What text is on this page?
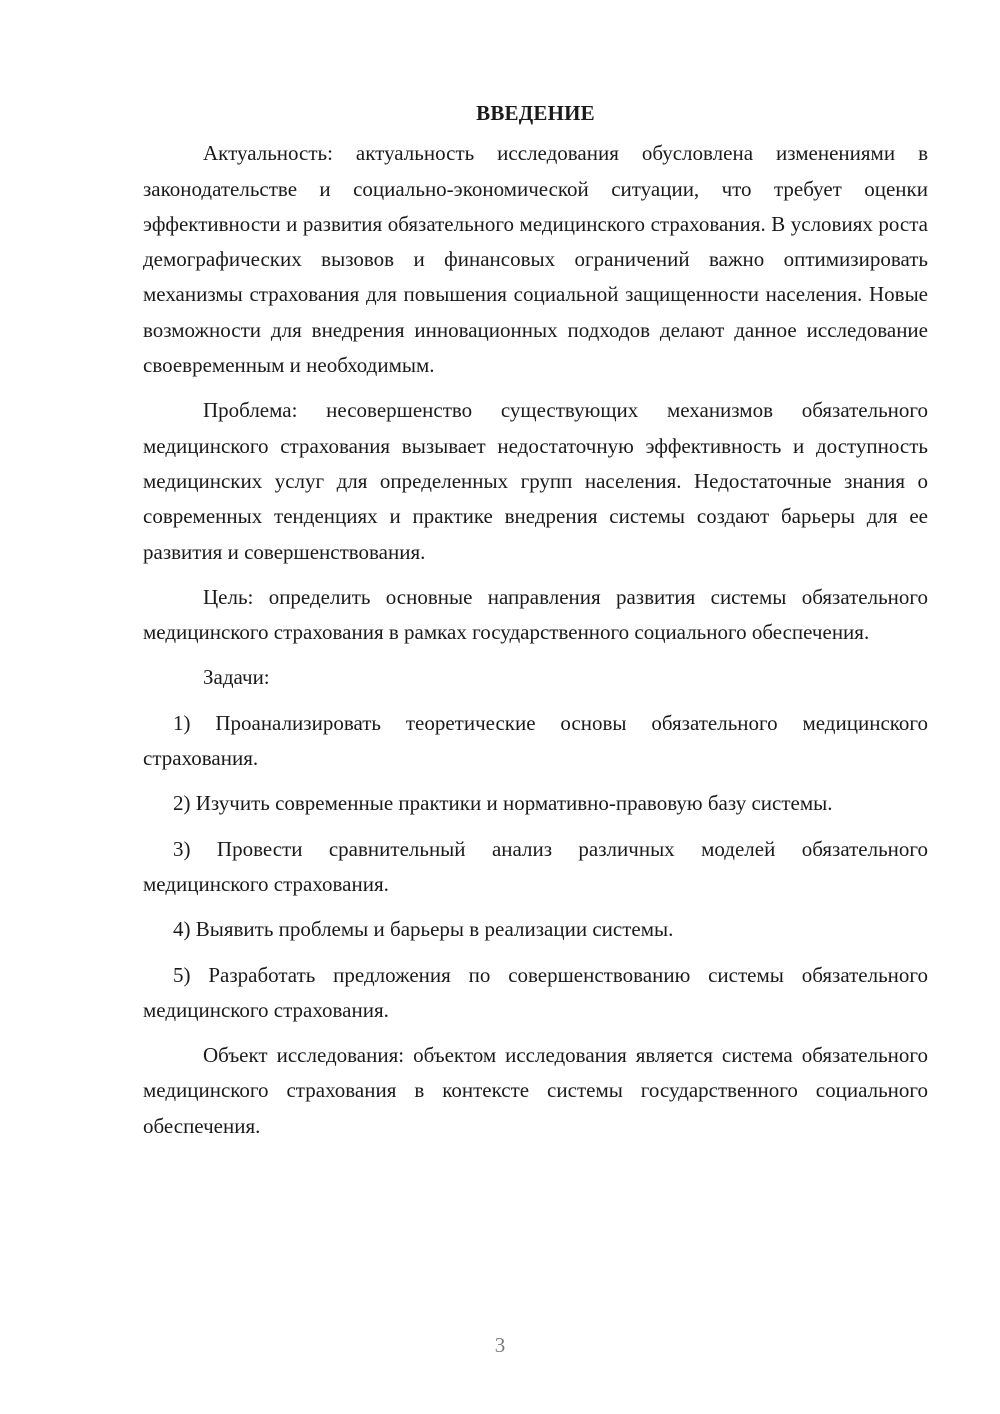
ВВЕДЕНИЕ

Актуальность: актуальность исследования обусловлена изменениями в законодательстве и социально-экономической ситуации, что требует оценки эффективности и развития обязательного медицинского страхования. В условиях роста демографических вызовов и финансовых ограничений важно оптимизировать механизмы страхования для повышения социальной защищенности населения. Новые возможности для внедрения инновационных подходов делают данное исследование своевременным и необходимым.

Проблема: несовершенство существующих механизмов обязательного медицинского страхования вызывает недостаточную эффективность и доступность медицинских услуг для определенных групп населения. Недостаточные знания о современных тенденциях и практике внедрения системы создают барьеры для ее развития и совершенствования.

Цель: определить основные направления развития системы обязательного медицинского страхования в рамках государственного социального обеспечения.

Задачи:

1) Проанализировать теоретические основы обязательного медицинского страхования.

2) Изучить современные практики и нормативно-правовую базу системы.

3) Провести сравнительный анализ различных моделей обязательного медицинского страхования.

4) Выявить проблемы и барьеры в реализации системы.

5) Разработать предложения по совершенствованию системы обязательного медицинского страхования.

Объект исследования: объектом исследования является система обязательного медицинского страхования в контексте системы государственного социального обеспечения.

3
